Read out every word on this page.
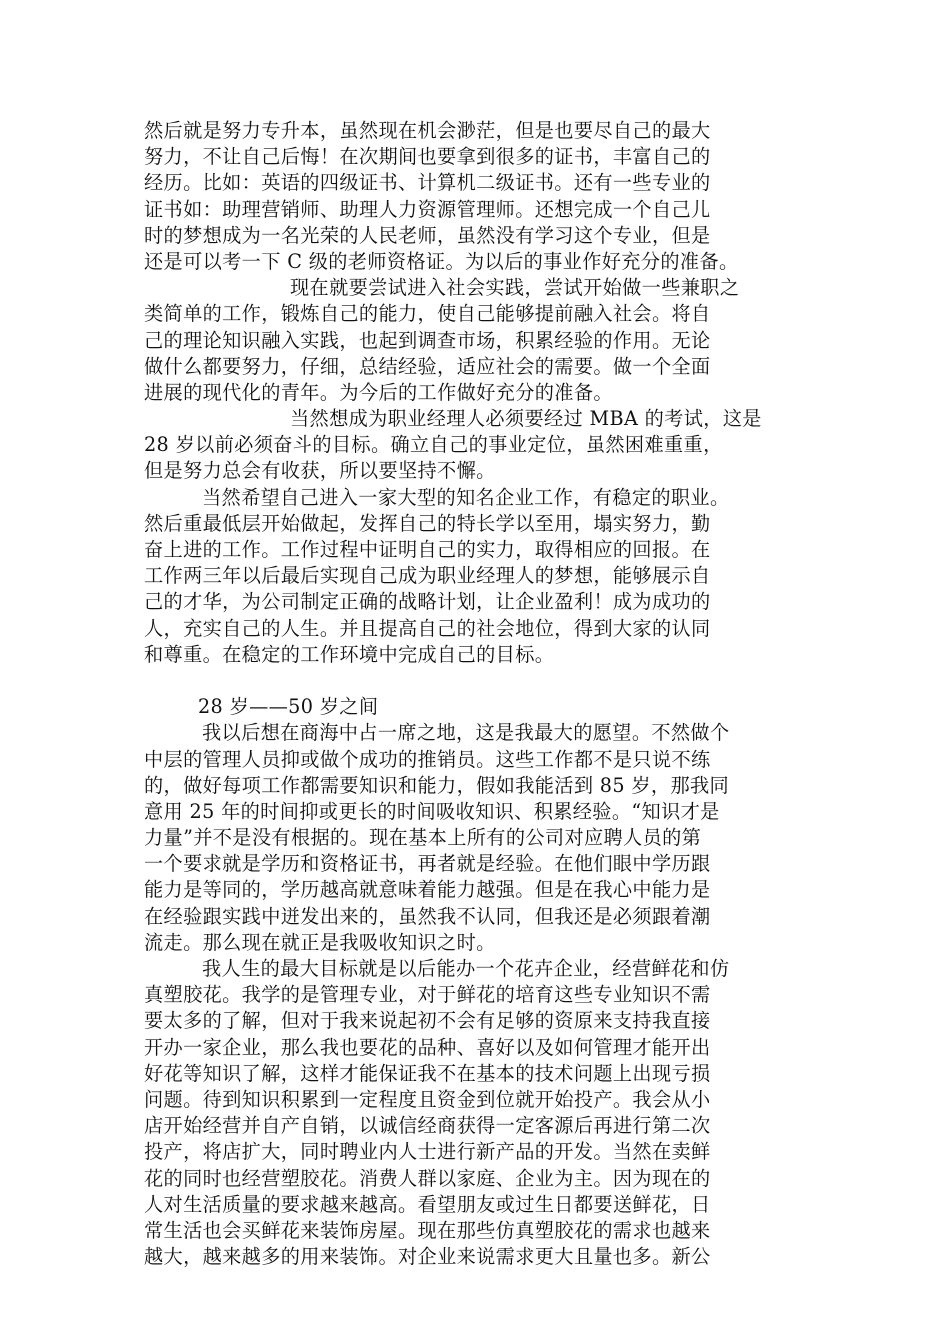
然后就是努力专升本，虽然现在机会渺茫，但是也要尽自己的最大
努力，不让自己后悔！在次期间也要拿到很多的证书，丰富自己的
经历。比如：英语的四级证书、计算机二级证书。还有一些专业的
证书如：助理营销师、助理人力资源管理师。还想完成一个自己儿
时的梦想成为一名光荣的人民老师，虽然没有学习这个专业，但是
还是可以考一下 C 级的老师资格证。为以后的事业作好充分的准备。
现在就要尝试进入社会实践，尝试开始做一些兼职之
类简单的工作，锻炼自己的能力，使自己能够提前融入社会。将自
己的理论知识融入实践，也起到调查市场，积累经验的作用。无论
做什么都要努力，仔细，总结经验，适应社会的需要。做一个全面
进展的现代化的青年。为今后的工作做好充分的准备。
当然想成为职业经理人必须要经过 MBA 的考试，这是
28 岁以前必须奋斗的目标。确立自己的事业定位，虽然困难重重，
但是努力总会有收获，所以要坚持不懈。
当然希望自己进入一家大型的知名企业工作，有稳定的职业。
然后重最低层开始做起，发挥自己的特长学以至用，塌实努力，勤
奋上进的工作。工作过程中证明自己的实力，取得相应的回报。在
工作两三年以后最后实现自己成为职业经理人的梦想，能够展示自
己的才华，为公司制定正确的战略计划，让企业盈利！成为成功的
人，充实自己的人生。并且提高自己的社会地位，得到大家的认同
和尊重。在稳定的工作环境中完成自己的目标。
28 岁——50 岁之间
我以后想在商海中占一席之地，这是我最大的愿望。不然做个
中层的管理人员抑或做个成功的推销员。这些工作都不是只说不练
的，做好每项工作都需要知识和能力，假如我能活到 85 岁，那我同
意用 25 年的时间抑或更长的时间吸收知识、积累经验。“知识才是
力量”并不是没有根据的。现在基本上所有的公司对应聘人员的第
一个要求就是学历和资格证书，再者就是经验。在他们眼中学历跟
能力是等同的，学历越高就意味着能力越强。但是在我心中能力是
在经验跟实践中迸发出来的，虽然我不认同，但我还是必须跟着潮
流走。那么现在就正是我吸收知识之时。
我人生的最大目标就是以后能办一个花卉企业，经营鲜花和仿
真塑胶花。我学的是管理专业，对于鲜花的培育这些专业知识不需
要太多的了解，但对于我来说起初不会有足够的资原来支持我直接
开办一家企业，那么我也要花的品种、喜好以及如何管理才能开出
好花等知识了解，这样才能保证我不在基本的技术问题上出现亏损
问题。待到知识积累到一定程度且资金到位就开始投产。我会从小
店开始经营并自产自销，以诚信经商获得一定客源后再进行第二次
投产，将店扩大，同时聘业内人士进行新产品的开发。当然在卖鲜
花的同时也经营塑胶花。消费人群以家庭、企业为主。因为现在的
人对生活质量的要求越来越高。看望朋友或过生日都要送鲜花，日
常生活也会买鲜花来装饰房屋。现在那些仿真塑胶花的需求也越来
越大，越来越多的用来装饰。对企业来说需求更大且量也多。新公
